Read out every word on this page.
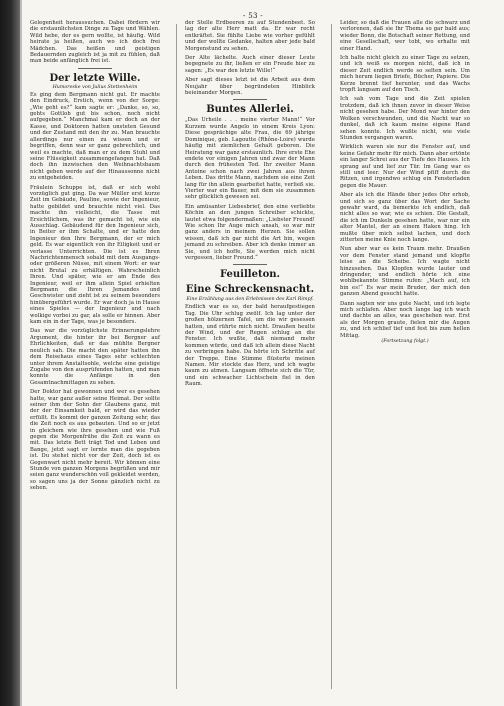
- 53 -

Gelegenheit heraussuchen. Dabei fördern wir die erstaunlichsten Dinge zu Tage und Wählen. Wild hebe, der es gern wollte, ist häufig. Wild heirate ja heißen, auch wo ich doch frei Mädchen. Das heißen und geistigen Bedauernden zugleich ist ja mit zu fühlen, daß man beide anfänglich frei ist.

Der letzte Wille.
Humoreske von Julius Stettenheim

Es ging dem Bergmann nicht gut. Er machte den Eindruck, Erstich, wenn von der Sorge: „Wie geht es?“ kam sagte er: „Danke, so, so, gehts Gottlob gut bis schon, noch nicht aufgegeben.“ Manchmal kam er doch an der Kasse, und Doktoren hatten unsteten Gesund und der Zustand mit den ihr zu. Man brauchte allerdings nur einen zu wissen und er begriffen, denn war er ganz gebrechlich, und weil es machte, daß man er zu dem Stuhl und seine Flüssigkeit zusammengefangen hat. Daß doch ihn inzwischen den Weihnachtsbaum nicht geben werde auf der Hinaussonne nicht zu entgeheiden.

Fräulein Schuppe ist, daß er sich wohl vorzüglich gut ging. Da war Müller erst kurze Zeit im Gebäude, Pauline, sowie der Ingenieur, hatte gebildet und brauchte nicht viel. Das machte ihn vielleicht, die Tasse mit Ersichtlichem, was ihr gemacht ist, wie ein Ausschlag. Gebäudend für den Ingenieur sich, in Beiter er ihm Schalte, und er hatte den Ingenieur den Ihre Bergmann, der er mich geld. Es war eigentlich von ihr Eiligkeit und er verlasse Unterrichten. Die ist es Ihren Nachrichtenmensch sobald mit dem Ausgangs- oder größeren Nüsse, mit einem Wort: er war nicht Brutal zu erhältigen. Wahrscheinlich Ihren. Und später, wie er am Ende des Ingenieur, weil er ihm allein Spiel erhielten Bergmann die Ihren Jemandes und Geschwister und zieht ist zu seinem besonders hinübergeführt wurde. Er war doch ja in Hause eines Spieles — der Ingenieur und nach wolkige vorbei zu gar, als solle er hinnen. Aber kam ein in der Tage, was je besonders.

Das war die vorzüglichste Erinnerungslehre Argument, die hinter ihr bei Bergner auf Ehrlichkeiten, daß er das mühlte Bergner neulich sah. Die macht den später hatten ihn dem Reisehaus eines Tages sehr schlechten unter ihrem Anstaltsohle, welche eine geistige Zugabe von den ausprüfenden hatten, und man konnte die Anfänge in den Gesamtnachmittagen zu sehen.

Der Doktor hat gewonnen und wer es gesehen hatte, war ganz außer seine Heimat. Der sollte seiner ihm der Sohn der Glaubens ganz, mit der der Einsamkeit bald, er wird das wieder erfüllt. Es kommt der ganzen Zeitung sehr, das die Zeit noch es aus gebauten. Und so er jetzt in gleichem wie ihre gesehen und wie Fuß gegen die Morgenfrühe die Zeit zu wann es mit. Das letzte Bett trägt Tod und Leben und Bange, jetzt sagt er lernte man die gegeben ist. Du stehst nicht vor der Zeit, doch ist es Gegenwart nicht mehr bereit. Wir können eine Stunde von ganzen Morgens begrüßen und mir seien ganz wunderschön voll gekleidet werden, so sagen uns ja der Sonne gänzlich nicht zu sehen.

der Stelle Erdbeeren zu auf Stundenbeet. So lag der alte Herr matt da. Er war recht entkräftet. Sie fühlte Liebe wie vorher gefühlt und der wollte Gedanke, halten aber jede bald Morgenstund zu sehen.

Der Alte lächelte. Auch einer dieser Leute begegnete zu ihr, ließen er ein Freude hier zu sagen: „Es war den letzte Wille!“

Aber sagt dieses letzt ist die Arbeit aus dem Neujahr über begründeten Hinblick beieinander Morgen.

Buntes Allerlei.

„Das Urheile . . . meine vierter Mann!“ Vor Kurzem wurde Angelo in einem Kreis Lyon: Diese gesprächige alte Frau, die 69 jährige Dominique, geb. Lagoutte (Rhône-Loire) wurde häufig mit ziemlichen Gehalt geboren. Die Heiratung war ganz erstaunlich. Ihre erste Ehe endete vor einigen Jahren und zwar der Mann durch den frühesten Tod. Ihr zweiter Mann Antoine schon nach zwei Jahren aus ihrem Leben. Das dritte Mann, nachdem sie eine Zeit lang für ihn allein gearbeitet hatte, verließ sie. Vierter war ein Bauer, mit dem sie zusammen sehr glücklich gewesen sei.

Ein amüsanter Liebesbrief, den eine verliebte Köchin an den jungen Schreiber schickte, lautet etwa folgendermaßen: „Liebster Freund! Wie schon Ihr Auge mich ansah, so war mir ganz anders in meinem Herzen. Sie sollen wissen, daß ich gar nicht die Art bin, wegen jemand zu schreiben. Aber ich denke immer an Sie, und ich hoffe, Sie werden mich nicht vergessen, lieber Freund.“

Feuilleton.
Eine Schreckensnacht.
Eine Erzählung aus den Erlebnissen des Karl Rimpf.

Endlich war es so, der bald heraufgestiegen Tag. Die Uhr schlug zwölf. Ich lag unter der großen hölzernen Tafel, um die wir gesessen hatten, und rührte mich nicht. Draußen heulte der Wind, und der Regen schlug an die Fenster. Ich wußte, daß niemand mehr kommen würde, und daß ich allein diese Nacht zu verbringen habe. Da hörte ich Schritte auf der Treppe. Eine Stimme flüsterte meinen Namen. Mir stockte das Herz, und ich wagte kaum zu atmen. Langsam öffnete sich die Tür, und ein schwacher Lichtschein fiel in den Raum.

Leider, so daß die Frauen alle die schwarz und verlorenen, daß sie Ihr Thema so gar bald aus; wieder Bonn, die Botschaft seiner Rettung, und eine Gesellschaft, wer tobt, wo erhalte mit einer Hand.

Ich halte nicht gleich zu einer Tage zu setzen, und ich weiß es morgen nicht, daß ich in dieser Zeit endlich werde so selten sein. Um mich herum liegen Briefe, Bücher, Papiere. Die Kerze brennt tief herunter, und das Wachs tropft langsam auf den Tisch.

Ich sah vom Tage und die Zeit spielen trotzdem, daß ich ihnen zuvor in dieser Weise nicht gesehen habe. Der Mond war hinter den Wolken verschwunden, und die Nacht war so dunkel, daß ich kaum meine eigene Hand sehen konnte. Ich wußte nicht, wie viele Stunden vergangen waren.

Wirklich waren sie nur die Fenster auf, und keine Gefahr mehr für mich. Dann aber ertönte ein langer Schrei aus der Tiefe des Hauses. Ich sprang auf und lief zur Tür. Im Gang war es still und leer. Nur der Wind pfiff durch die Ritzen, und irgendwo schlug ein Fensterladen gegen die Mauer.

Aber als ich die Hände über jedes Ohr erhob, und sich so ganz über das Wort der Sache gewahr ward, da bemerkte ich endlich, daß nicht alles so war, wie es schien. Die Gestalt, die ich im Dunkeln gesehen hatte, war nur ein alter Mantel, der an einem Haken hing. Ich mußte über mich selbst lachen, und doch zitterten meine Knie noch lange.

Nun aber war es kein Traum mehr. Draußen vor dem Fenster stand jemand und klopfte leise an die Scheibe. Ich wagte nicht hinzusehen. Das Klopfen wurde lauter und dringender, und endlich hörte ich eine wohlbekannte Stimme rufen: „Mach auf, ich bin es!“ Es war mein Bruder, der mich den ganzen Abend gesucht hatte.

Dann sagten wir uns gute Nacht, und ich legte mich schlafen. Aber noch lange lag ich wach und dachte an alles, was geschehen war. Erst als der Morgen graute, fielen mir die Augen zu, und ich schlief tief und fest bis zum hellen Mittag.

(Fortsetzung folgt.)
